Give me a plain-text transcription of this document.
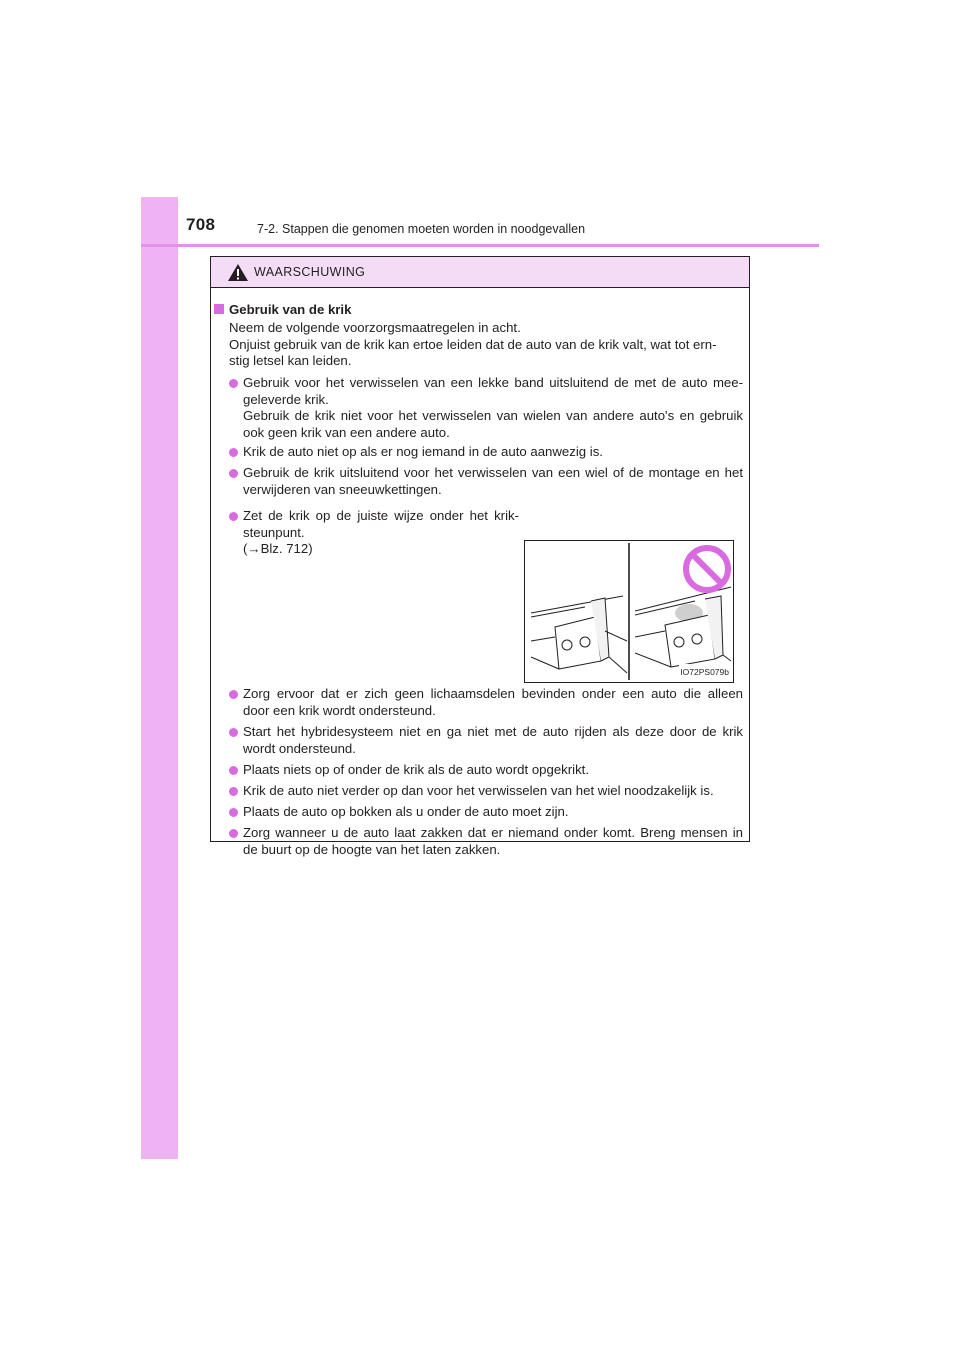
708	7-2. Stappen die genomen moeten worden in noodgevallen
WAARSCHUWING
Gebruik van de krik
Neem de volgende voorzorgsmaatregelen in acht.
Onjuist gebruik van de krik kan ertoe leiden dat de auto van de krik valt, wat tot ern-
stig letsel kan leiden.
Gebruik voor het verwisselen van een lekke band uitsluitend de met de auto mee-
geleverde krik.
Gebruik de krik niet voor het verwisselen van wielen van andere auto's en gebruik
ook geen krik van een andere auto.
Krik de auto niet op als er nog iemand in de auto aanwezig is.
Gebruik de krik uitsluitend voor het verwisselen van een wiel of de montage en het
verwijderen van sneeuwkettingen.
Zet de krik op de juiste wijze onder het krik-
steunpunt.
(→Blz. 712)
IO72PS079b
Zorg ervoor dat er zich geen lichaamsdelen bevinden onder een auto die alleen
door een krik wordt ondersteund.
Start het hybridesysteem niet en ga niet met de auto rijden als deze door de krik
wordt ondersteund.
Plaats niets op of onder de krik als de auto wordt opgekrikt.
Krik de auto niet verder op dan voor het verwisselen van het wiel noodzakelijk is.
Plaats de auto op bokken als u onder de auto moet zijn.
Zorg wanneer u de auto laat zakken dat er niemand onder komt. Breng mensen in
de buurt op de hoogte van het laten zakken.
